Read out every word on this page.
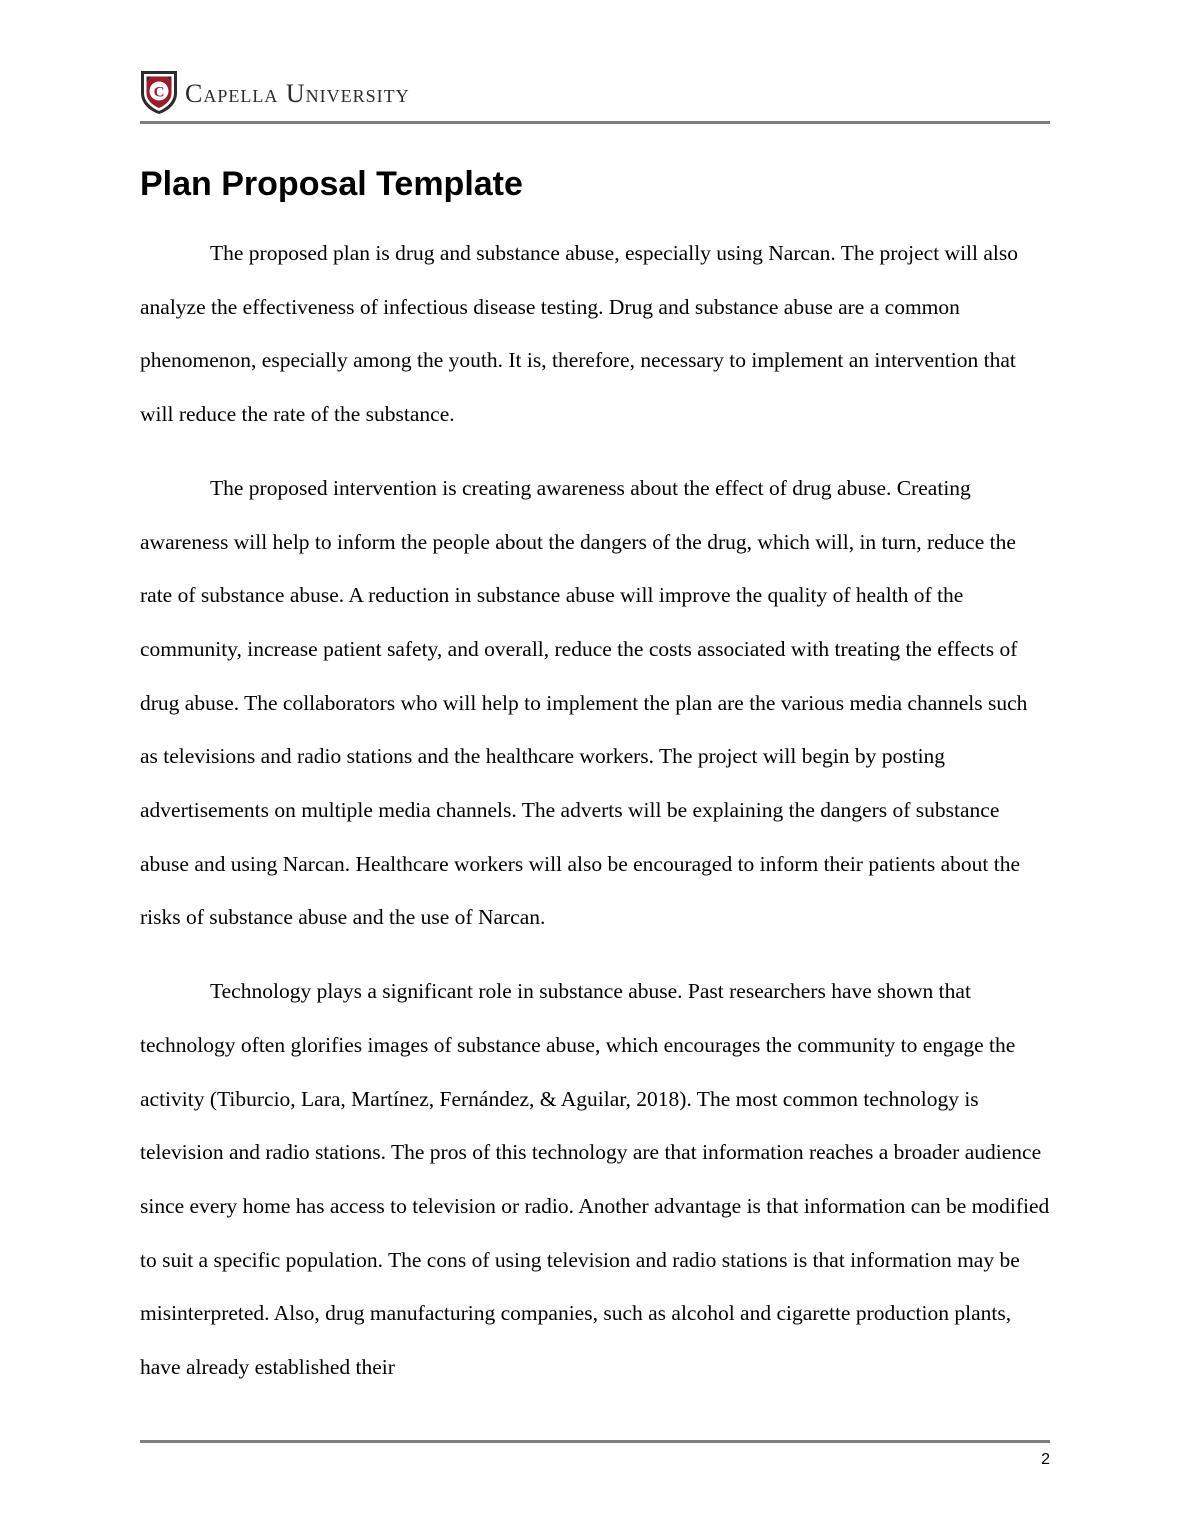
C Capella University
Plan Proposal Template

The proposed plan is drug and substance abuse, especially using Narcan. The project will also analyze the effectiveness of infectious disease testing. Drug and substance abuse are a common phenomenon, especially among the youth. It is, therefore, necessary to implement an intervention that will reduce the rate of the substance.

The proposed intervention is creating awareness about the effect of drug abuse. Creating awareness will help to inform the people about the dangers of the drug, which will, in turn, reduce the rate of substance abuse. A reduction in substance abuse will improve the quality of health of the community, increase patient safety, and overall, reduce the costs associated with treating the effects of drug abuse. The collaborators who will help to implement the plan are the various media channels such as televisions and radio stations and the healthcare workers. The project will begin by posting advertisements on multiple media channels. The adverts will be explaining the dangers of substance abuse and using Narcan. Healthcare workers will also be encouraged to inform their patients about the risks of substance abuse and the use of Narcan.

Technology plays a significant role in substance abuse. Past researchers have shown that technology often glorifies images of substance abuse, which encourages the community to engage the activity (Tiburcio, Lara, Martínez, Fernández, & Aguilar, 2018). The most common technology is television and radio stations. The pros of this technology are that information reaches a broader audience since every home has access to television or radio. Another advantage is that information can be modified to suit a specific population. The cons of using television and radio stations is that information may be misinterpreted. Also, drug manufacturing companies, such as alcohol and cigarette production plants, have already established their

2
